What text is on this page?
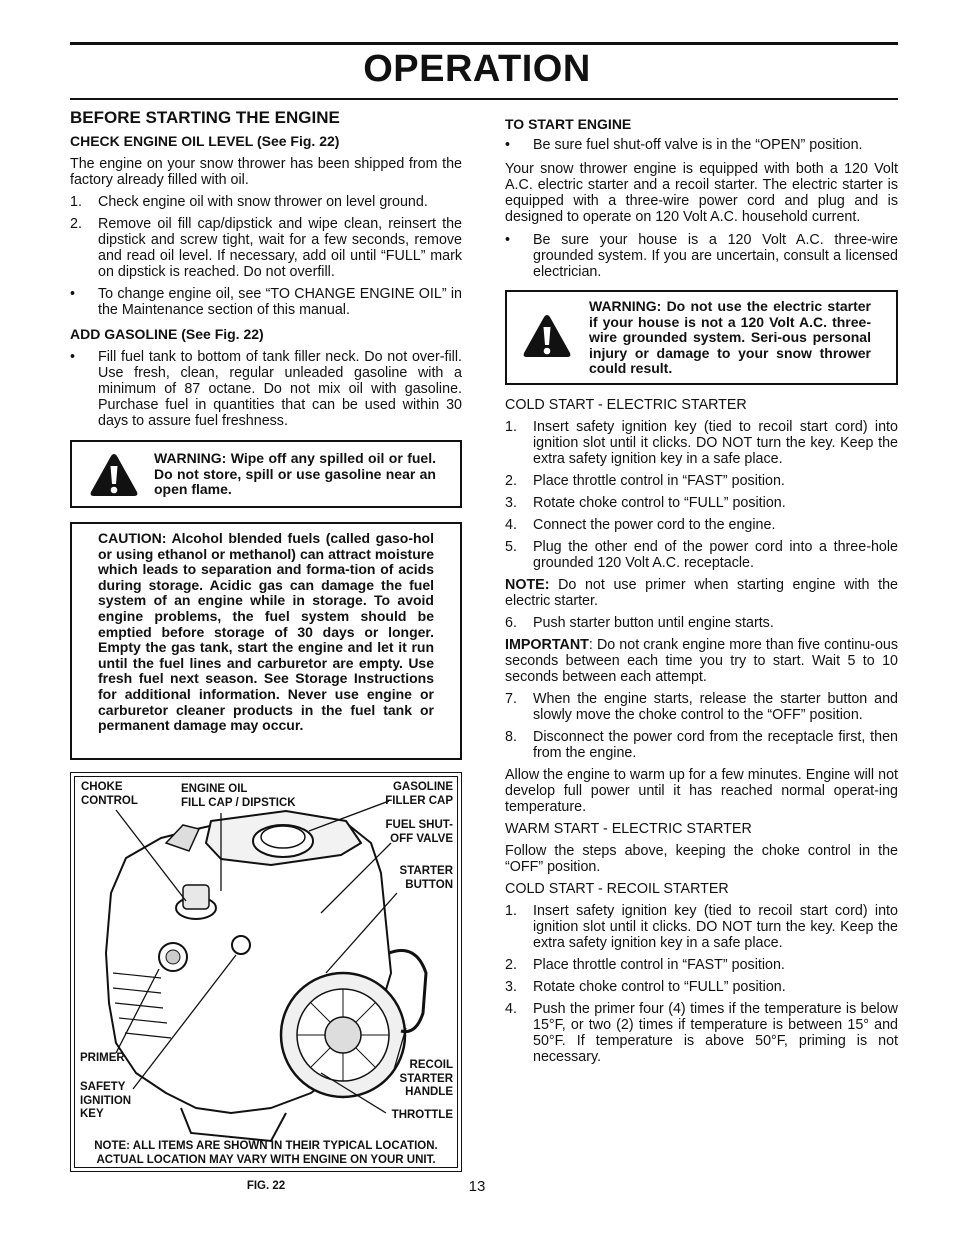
OPERATION
BEFORE STARTING THE ENGINE
CHECK ENGINE OIL LEVEL (See Fig. 22)

The engine on your snow thrower has been shipped from the factory already filled with oil.

1. Check engine oil with snow thrower on level ground.
2. Remove oil fill cap/dipstick and wipe clean, reinsert the dipstick and screw tight, wait for a few seconds, remove and read oil level. If necessary, add oil until “FULL” mark on dipstick is reached. Do not overfill.
• To change engine oil, see “TO CHANGE ENGINE OIL” in the Maintenance section of this manual.
ADD GASOLINE (See Fig. 22)
• Fill fuel tank to bottom of tank filler neck. Do not over-fill. Use fresh, clean, regular unleaded gasoline with a minimum of 87 octane. Do not mix oil with gasoline. Purchase fuel in quantities that can be used within 30 days to assure fuel freshness.
WARNING: Wipe off any spilled oil or fuel. Do not store, spill or use gasoline near an open flame.
CAUTION: Alcohol blended fuels (called gaso-hol or using ethanol or methanol) can attract moisture which leads to separation and forma-tion of acids during storage. Acidic gas can damage the fuel system of an engine while in storage. To avoid engine problems, the fuel system should be emptied before storage of 30 days or longer. Empty the gas tank, start the engine and let it run until the fuel lines and carburetor are empty. Use fresh fuel next season. See Storage Instructions for additional information. Never use engine or carburetor cleaner products in the fuel tank or permanent damage may occur.
CHOKE
CONTROL
ENGINE OIL
FILL CAP / DIPSTICK
GASOLINE
FILLER CAP
FUEL SHUT-
OFF VALVE
STARTER
BUTTON
PRIMER
SAFETY
IGNITION
KEY
RECOIL
STARTER
HANDLE
THROTTLE
NOTE: ALL ITEMS ARE SHOWN IN THEIR TYPICAL LOCATION.
ACTUAL LOCATION MAY VARY WITH ENGINE ON YOUR UNIT.
FIG. 22
TO START ENGINE
• Be sure fuel shut-off valve is in the “OPEN” position.

Your snow thrower engine is equipped with both a 120 Volt A.C. electric starter and a recoil starter. The electric starter is equipped with a three-wire power cord and plug and is designed to operate on 120 Volt A.C. household current.

• Be sure your house is a 120 Volt A.C. three-wire grounded system. If you are uncertain, consult a licensed electrician.
WARNING: Do not use the electric starter if your house is not a 120 Volt A.C. three-wire grounded system. Seri-ous personal injury or damage to your snow thrower could result.

COLD START - ELECTRIC STARTER

1. Insert safety ignition key (tied to recoil start cord) into ignition slot until it clicks. DO NOT turn the key. Keep the extra safety ignition key in a safe place.
2. Place throttle control in “FAST” position.
3. Rotate choke control to “FULL” position.
4. Connect the power cord to the engine.
5. Plug the other end of the power cord into a three-hole grounded 120 Volt A.C. receptacle.

NOTE: Do not use primer when starting engine with the electric starter.

6. Push starter button until engine starts.

IMPORTANT: Do not crank engine more than five continu-ous seconds between each time you try to start. Wait 5 to 10 seconds between each attempt.

7. When the engine starts, release the starter button and slowly move the choke control to the “OFF” position.
8. Disconnect the power cord from the receptacle first, then from the engine.

Allow the engine to warm up for a few minutes. Engine will not develop full power until it has reached normal operat-ing temperature.

WARM START - ELECTRIC STARTER

Follow the steps above, keeping the choke control in the “OFF” position.

COLD START - RECOIL STARTER

1. Insert safety ignition key (tied to recoil start cord) into ignition slot until it clicks. DO NOT turn the key. Keep the extra safety ignition key in a safe place.
2. Place throttle control in “FAST” position.
3. Rotate choke control to “FULL” position.
4. Push the primer four (4) times if the temperature is below 15°F, or two (2) times if temperature is between 15° and 50°F. If temperature is above 50°F, priming is not necessary.
13
